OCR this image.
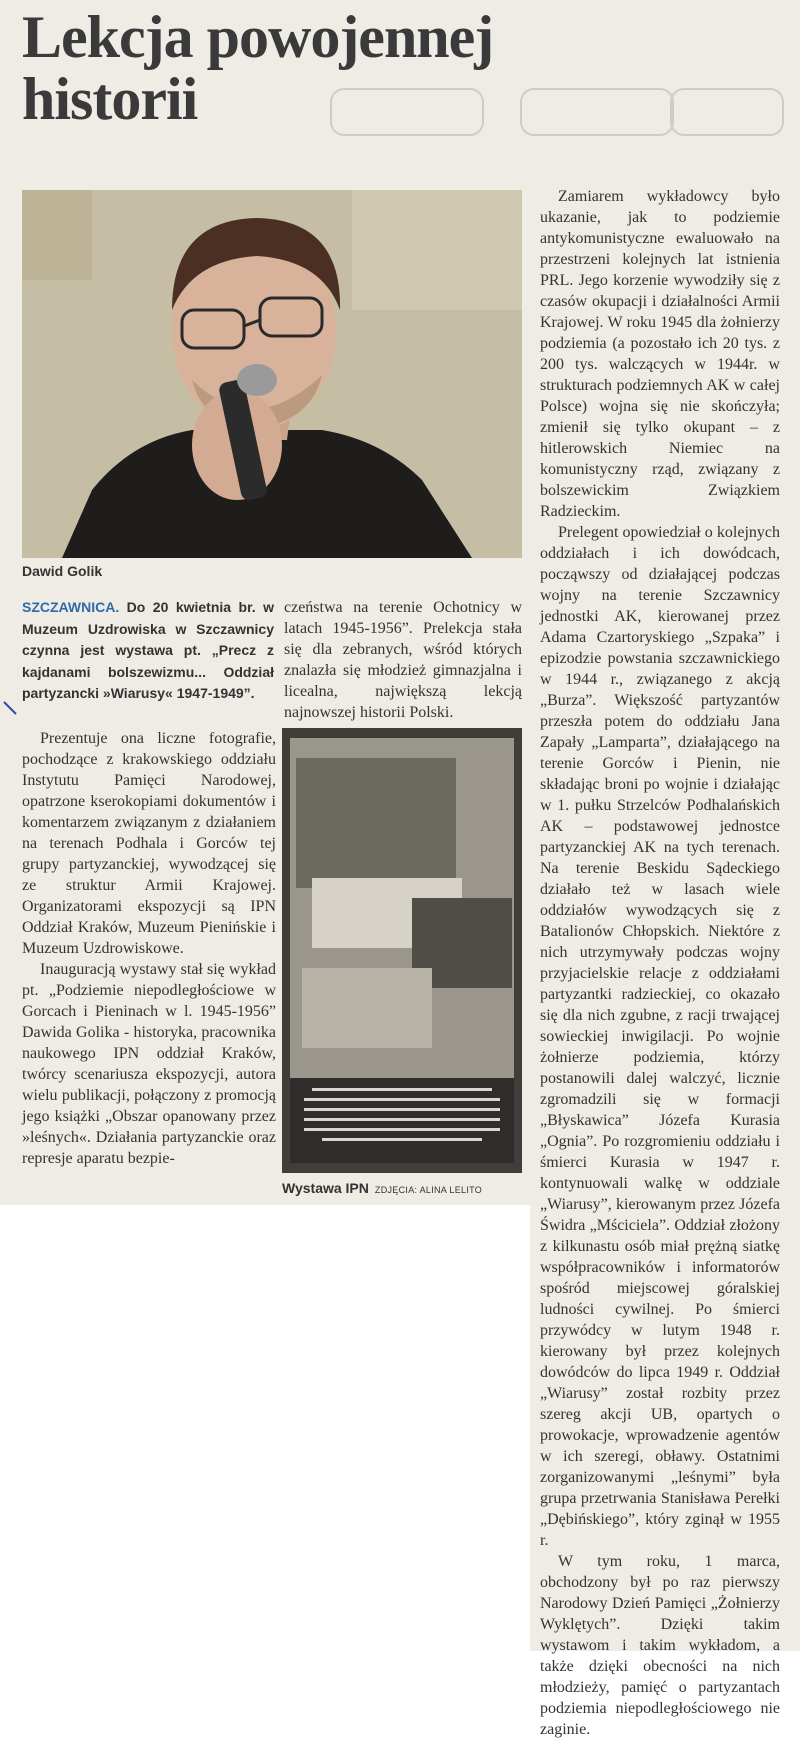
Lekcja powojennej
historii
Dawid Golik

SZCZAWNICA. Do 20 kwietnia br. w Muzeum Uzdrowiska w Szczawnicy czynna jest wystawa pt. „Precz z kajdanami bolszewizmu... Oddział partyzancki »Wiarusy« 1947-1949”.

Prezentuje ona liczne fotografie, pochodzące z krakowskiego oddziału Instytutu Pamięci Narodowej, opatrzone kserokopiami dokumentów i komentarzem związanym z działaniem na terenach Podhala i Gorców tej grupy partyzanckiej, wywodzącej się ze struktur Armii Krajowej. Organizatorami ekspozycji są IPN Oddział Kraków, Muzeum Pienińskie i Muzeum Uzdrowiskowe.

Inauguracją wystawy stał się wykład pt. „Podziemie niepodległościowe w Gorcach i Pieninach w l. 1945-1956” Dawida Golika - historyka, pracownika naukowego IPN oddział Kraków, twórcy scenariusza ekspozycji, autora wielu publikacji, połączony z promocją jego książki „Obszar opanowany przez »leśnych«. Działania partyzanckie oraz represje aparatu bezpie-

czeństwa na terenie Ochotnicy w latach 1945-1956”. Prelekcja stała się dla zebranych, wśród których znalazła się młodzież gimnazjalna i licealna, największą lekcją najnowszej historii Polski.

Wystawa IPN ZDJĘCIA: ALINA LELITO

Zamiarem wykładowcy było ukazanie, jak to podziemie antykomunistyczne ewaluowało na przestrzeni kolejnych lat istnienia PRL. Jego korzenie wywodziły się z czasów okupacji i działalności Armii Krajowej. W roku 1945 dla żołnierzy podziemia (a pozostało ich 20 tys. z 200 tys. walczących w 1944r. w strukturach podziemnych AK w całej Polsce) wojna się nie skończyła; zmienił się tylko okupant – z hitlerowskich Niemiec na komunistyczny rząd, związany z bolszewickim Związkiem Radzieckim.

Prelegent opowiedział o kolejnych oddziałach i ich dowódcach, począwszy od działającej podczas wojny na terenie Szczawnicy jednostki AK, kierowanej przez Adama Czartoryskiego „Szpaka” i epizodzie powstania szczawnickiego w 1944 r., związanego z akcją „Burza”. Większość partyzantów przeszła potem do oddziału Jana Zapały „Lamparta”, działającego na terenie Gorców i Pienin, nie składając broni po wojnie i działając w 1. pułku Strzelców Podhalańskich AK – podstawowej jednostce partyzanckiej AK na tych terenach. Na terenie Beskidu Sądeckiego działało też w lasach wiele oddziałów wywodzących się z Batalionów Chłopskich. Niektóre z nich utrzymywały podczas wojny przyjacielskie relacje z oddziałami partyzantki radzieckiej, co okazało się dla nich zgubne, z racji trwającej sowieckiej inwigilacji. Po wojnie żołnierze podziemia, którzy postanowili dalej walczyć, licznie zgromadzili się w formacji „Błyskawica” Józefa Kurasia „Ognia”. Po rozgromieniu oddziału i śmierci Kurasia w 1947 r. kontynuowali walkę w oddziale „Wiarusy”, kierowanym przez Józefa Świdra „Mściciela”. Oddział złożony z kilkunastu osób miał prężną siatkę współpracowników i informatorów spośród miejscowej góralskiej ludności cywilnej. Po śmierci przywódcy w lutym 1948 r. kierowany był przez kolejnych dowódców do lipca 1949 r. Oddział „Wiarusy” został rozbity przez szereg akcji UB, opartych o prowokacje, wprowadzenie agentów w ich szeregi, obławy. Ostatnimi zorganizowanymi „leśnymi” była grupa przetrwania Stanisława Perełki „Dębińskiego”, który zginął w 1955 r.

W tym roku, 1 marca, obchodzony był po raz pierwszy Narodowy Dzień Pamięci „Żołnierzy Wyklętych”. Dzięki takim wystawom i takim wykładom, a także dzięki obecności na nich młodzieży, pamięć o partyzantach podziemia niepodległościowego nie zaginie.
